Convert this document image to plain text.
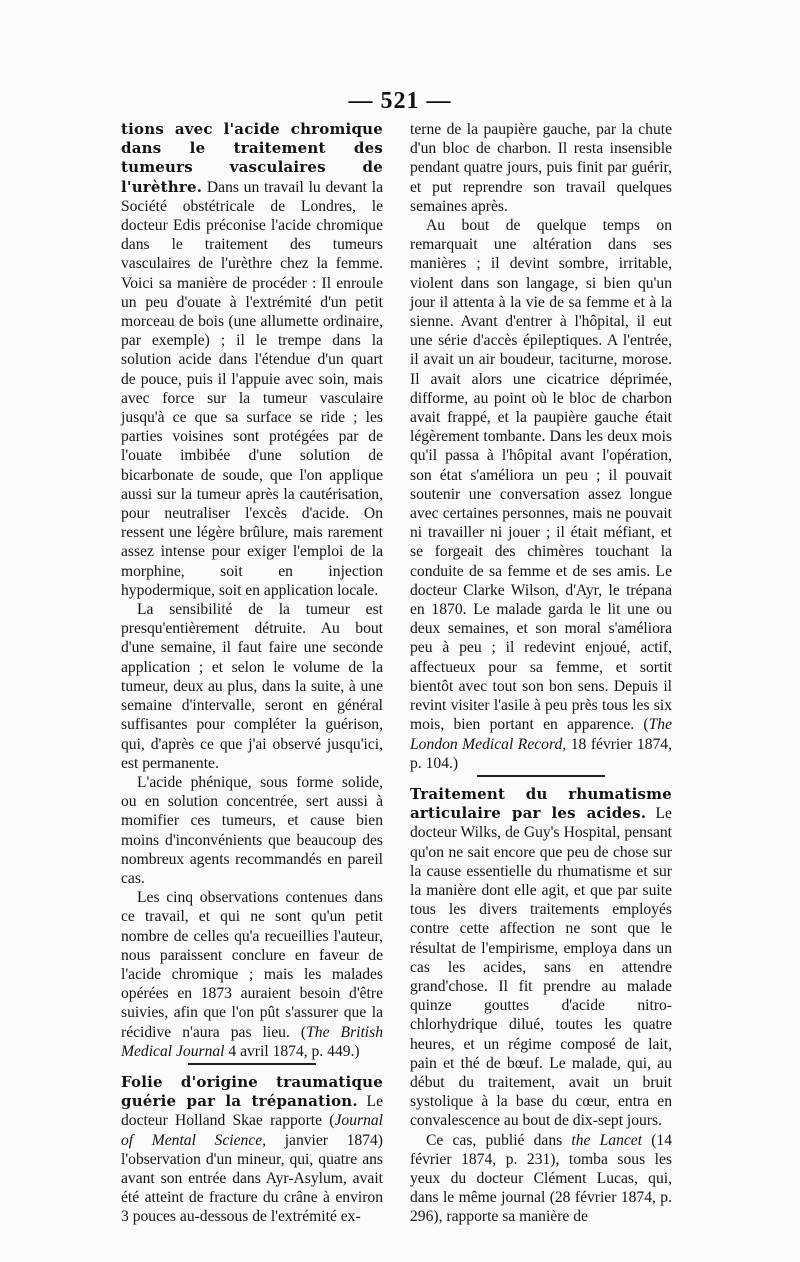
— 521 —

tions avec l'acide chromique dans le traitement des tumeurs vasculaires de l'urèthre. Dans un travail lu devant la Société obstétricale de Londres, le docteur Edis préconise l'acide chromique dans le traitement des tumeurs vasculaires de l'urèthre chez la femme. Voici sa manière de procéder : Il enroule un peu d'ouate à l'extrémité d'un petit morceau de bois (une allumette ordinaire, par exemple) ; il le trempe dans la solution acide dans l'étendue d'un quart de pouce, puis il l'appuie avec soin, mais avec force sur la tumeur vasculaire jusqu'à ce que sa surface se ride ; les parties voisines sont protégées par de l'ouate imbibée d'une solution de bicarbonate de soude, que l'on applique aussi sur la tumeur après la cautérisation, pour neutraliser l'excès d'acide. On ressent une légère brûlure, mais rarement assez intense pour exiger l'emploi de la morphine, soit en injection hypodermique, soit en application locale.

La sensibilité de la tumeur est presqu'entièrement détruite. Au bout d'une semaine, il faut faire une seconde application ; et selon le volume de la tumeur, deux au plus, dans la suite, à une semaine d'intervalle, seront en général suffisantes pour compléter la guérison, qui, d'après ce que j'ai observé jusqu'ici, est permanente.

L'acide phénique, sous forme solide, ou en solution concentrée, sert aussi à momifier ces tumeurs, et cause bien moins d'inconvénients que beaucoup des nombreux agents recommandés en pareil cas.

Les cinq observations contenues dans ce travail, et qui ne sont qu'un petit nombre de celles qu'a recueillies l'auteur, nous paraissent conclure en faveur de l'acide chromique ; mais les malades opérées en 1873 auraient besoin d'être suivies, afin que l'on pût s'assurer que la récidive n'aura pas lieu. (The British Medical Journal 4 avril 1874, p. 449.)

Folie d'origine traumatique guérie par la trépanation. Le docteur Holland Skae rapporte (Journal of Mental Science, janvier 1874) l'observation d'un mineur, qui, quatre ans avant son entrée dans Ayr-Asylum, avait été atteint de fracture du crâne à environ 3 pouces au-dessous de l'extrémité ex-

terne de la paupière gauche, par la chute d'un bloc de charbon. Il resta insensible pendant quatre jours, puis finit par guérir, et put reprendre son travail quelques semaines après.

Au bout de quelque temps on remarquait une altération dans ses manières ; il devint sombre, irritable, violent dans son langage, si bien qu'un jour il attenta à la vie de sa femme et à la sienne. Avant d'entrer à l'hôpital, il eut une série d'accès épileptiques. A l'entrée, il avait un air boudeur, taciturne, morose. Il avait alors une cicatrice déprimée, difforme, au point où le bloc de charbon avait frappé, et la paupière gauche était légèrement tombante. Dans les deux mois qu'il passa à l'hôpital avant l'opération, son état s'améliora un peu ; il pouvait soutenir une conversation assez longue avec certaines personnes, mais ne pouvait ni travailler ni jouer ; il était méfiant, et se forgeait des chimères touchant la conduite de sa femme et de ses amis. Le docteur Clarke Wilson, d'Ayr, le trépana en 1870. Le malade garda le lit une ou deux semaines, et son moral s'améliora peu à peu ; il redevint enjoué, actif, affectueux pour sa femme, et sortit bientôt avec tout son bon sens. Depuis il revint visiter l'asile à peu près tous les six mois, bien portant en apparence. (The London Medical Record, 18 février 1874, p. 104.)

Traitement du rhumatisme articulaire par les acides. Le docteur Wilks, de Guy's Hospital, pensant qu'on ne sait encore que peu de chose sur la cause essentielle du rhumatisme et sur la manière dont elle agit, et que par suite tous les divers traitements employés contre cette affection ne sont que le résultat de l'empirisme, employa dans un cas les acides, sans en attendre grand'chose. Il fit prendre au malade quinze gouttes d'acide nitro-chlorhydrique dilué, toutes les quatre heures, et un régime composé de lait, pain et thé de bœuf. Le malade, qui, au début du traitement, avait un bruit systolique à la base du cœur, entra en convalescence au bout de dix-sept jours.

Ce cas, publié dans the Lancet (14 février 1874, p. 231), tomba sous les yeux du docteur Clément Lucas, qui, dans le même journal (28 février 1874, p. 296), rapporte sa manière de
